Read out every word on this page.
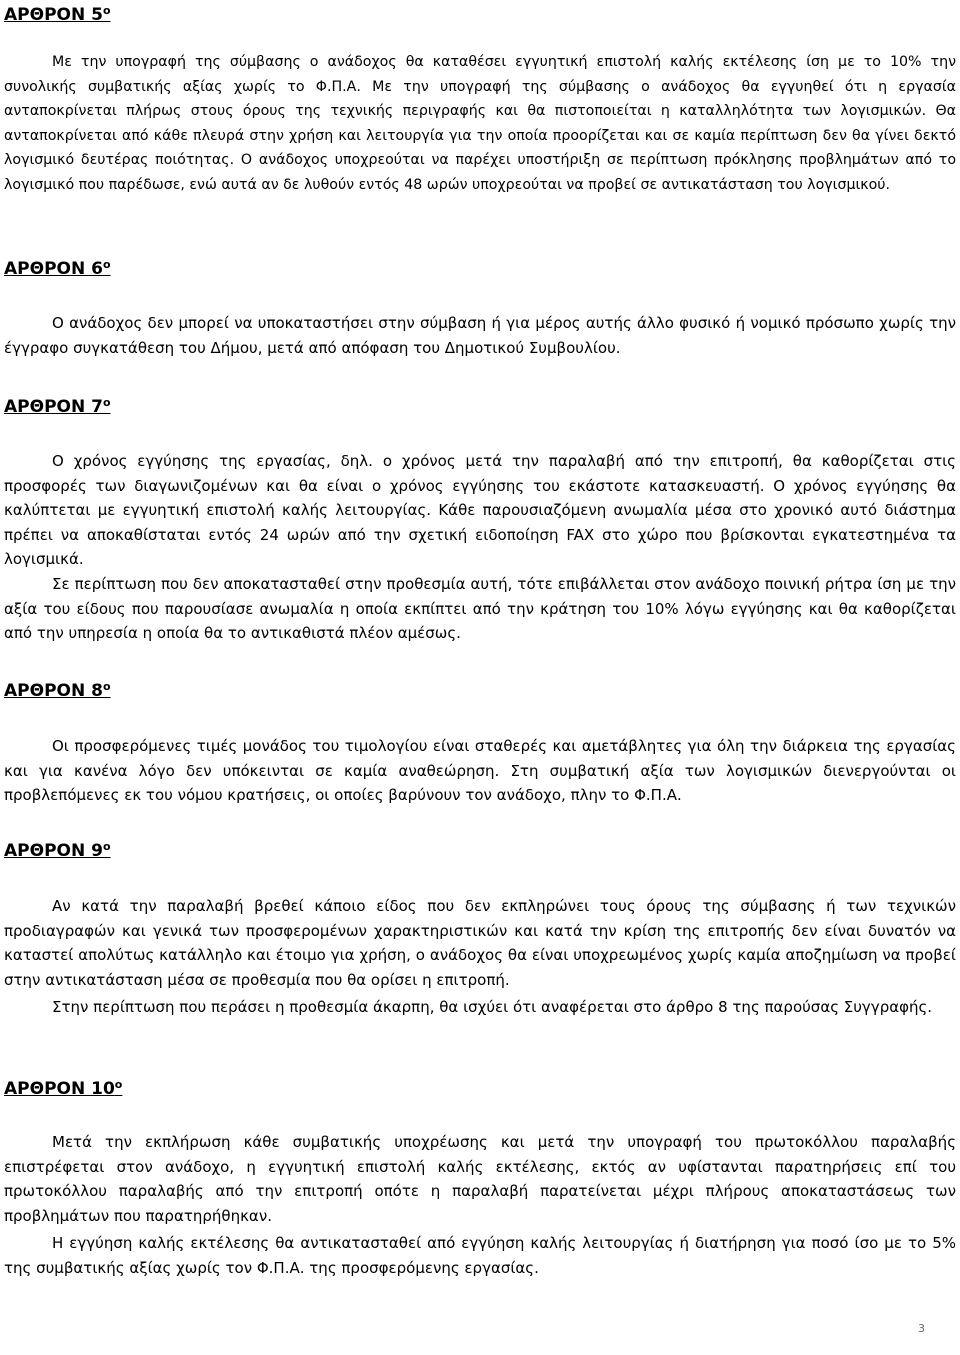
ΑΡΘΡΟΝ $5^o$
Με την υπογραφή της σύμβασης ο ανάδοχος θα καταθέσει εγγυητική επιστολή καλής εκτέλεσης ίση με το 10% την συνολικής συμβατικής αξίας χωρίς το Φ.Π.Α. Με την υπογραφή της σύμβασης ο ανάδοχος θα εγγυηθεί ότι η εργασία ανταποκρίνεται πλήρως στους όρους της τεχνικής περιγραφής και θα πιστοποιείται η καταλληλότητα των λογισμικών. Θα ανταποκρίνεται από κάθε πλευρά στην χρήση και λειτουργία για την οποία προορίζεται και σε καμία περίπτωση δεν θα γίνει δεκτό λογισμικό δευτέρας ποιότητας. Ο ανάδοχος υποχρεούται να παρέχει υποστήριξη σε περίπτωση πρόκλησης προβλημάτων από το λογισμικό που παρέδωσε, ενώ αυτά αν δε λυθούν εντός 48 ωρών υποχρεούται να προβεί σε αντικατάσταση του λογισμικού.
ΑΡΘΡΟΝ $6^o$
Ο ανάδοχος δεν μπορεί να υποκαταστήσει στην σύμβαση ή για μέρος αυτής άλλο φυσικό ή νομικό πρόσωπο χωρίς την έγγραφο συγκατάθεση του Δήμου, μετά από απόφαση του Δημοτικού Συμβουλίου.
ΑΡΘΡΟΝ $7^o$
Ο χρόνος εγγύησης της εργασίας, δηλ. ο χρόνος μετά την παραλαβή από την επιτροπή, θα καθορίζεται στις προσφορές των διαγωνιζομένων και θα είναι ο χρόνος εγγύησης του εκάστοτε κατασκευαστή. Ο χρόνος εγγύησης θα καλύπτεται με εγγυητική επιστολή καλής λειτουργίας. Κάθε παρουσιαζόμενη ανωμαλία μέσα στο χρονικό αυτό διάστημα πρέπει να αποκαθίσταται εντός 24 ωρών από την σχετική ειδοποίηση FAX στο χώρο που βρίσκονται εγκατεστημένα τα λογισμικά.
Σε περίπτωση που δεν αποκατασταθεί στην προθεσμία αυτή, τότε επιβάλλεται στον ανάδοχο ποινική ρήτρα ίση με την αξία του είδους που παρουσίασε ανωμαλία η οποία εκπίπτει από την κράτηση του 10% λόγω εγγύησης και θα καθορίζεται από την υπηρεσία η οποία θα το αντικαθιστά πλέον αμέσως.
ΑΡΘΡΟΝ $8^o$
Οι προσφερόμενες τιμές μονάδος του τιμολογίου είναι σταθερές και αμετάβλητες για όλη την διάρκεια της εργασίας και για κανένα λόγο δεν υπόκεινται σε καμία αναθεώρηση. Στη συμβατική αξία των λογισμικών διενεργούνται οι προβλεπόμενες εκ του νόμου κρατήσεις, οι οποίες βαρύνουν τον ανάδοχο, πλην το Φ.Π.Α.
ΑΡΘΡΟΝ $9^o$
Αν κατά την παραλαβή βρεθεί κάποιο είδος που δεν εκπληρώνει τους όρους της σύμβασης ή των τεχνικών προδιαγραφών και γενικά των προσφερομένων χαρακτηριστικών και κατά την κρίση της επιτροπής δεν είναι δυνατόν να καταστεί απολύτως κατάλληλο και έτοιμο για χρήση, ο ανάδοχος θα είναι υποχρεωμένος χωρίς καμία αποζημίωση να προβεί στην αντικατάσταση μέσα σε προθεσμία που θα ορίσει η επιτροπή.
Στην περίπτωση που περάσει η προθεσμία άκαρπη, θα ισχύει ότι αναφέρεται στο άρθρο 8 της παρούσας Συγγραφής.
ΑΡΘΡΟΝ $10^o$
Μετά την εκπλήρωση κάθε συμβατικής υποχρέωσης και μετά την υπογραφή του πρωτοκόλλου παραλαβής επιστρέφεται στον ανάδοχο, η εγγυητική επιστολή καλής εκτέλεσης, εκτός αν υφίστανται παρατηρήσεις επί του πρωτοκόλλου παραλαβής από την επιτροπή οπότε η παραλαβή παρατείνεται μέχρι πλήρους αποκαταστάσεως των προβλημάτων που παρατηρήθηκαν.
Η εγγύηση καλής εκτέλεσης θα αντικατασταθεί από εγγύηση καλής λειτουργίας ή διατήρηση για ποσό ίσο με το 5% της συμβατικής αξίας χωρίς τον Φ.Π.Α. της προσφερόμενης εργασίας.
3
